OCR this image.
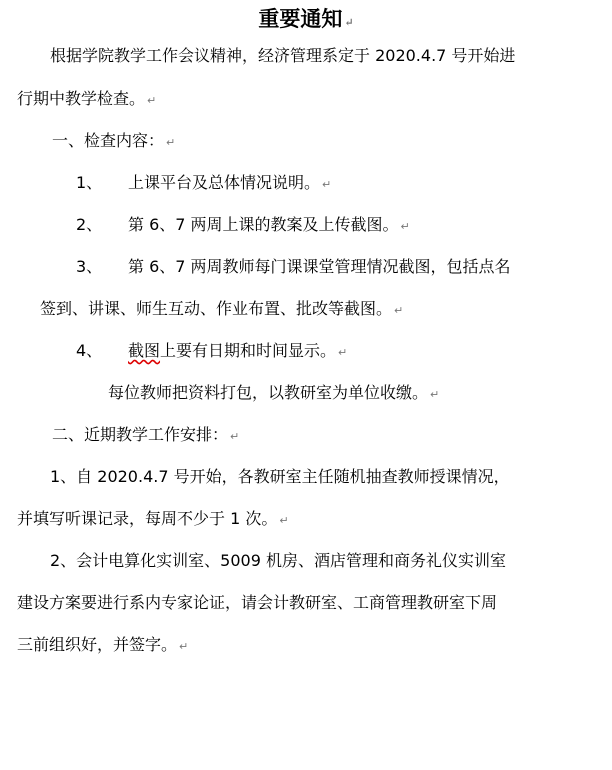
重要通知 ↵
根据学院教学工作会议精神，经济管理系定于 2020.4.7 号开始进
行期中教学检查。 ↵
一、检查内容： ↵
1、 上课平台及总体情况说明。 ↵
2、 第 6、7 两周上课的教案及上传截图。 ↵
3、 第 6、7 两周教师每门课课堂管理情况截图，包括点名
签到、讲课、师生互动、作业布置、批改等截图。 ↵
4、 截图上要有日期和时间显示。 ↵
每位教师把资料打包，以教研室为单位收缴。 ↵
二、近期教学工作安排： ↵
1、自 2020.4.7 号开始，各教研室主任随机抽查教师授课情况，
并填写听课记录，每周不少于 1 次。 ↵
2、会计电算化实训室、5009 机房、酒店管理和商务礼仪实训室
建设方案要进行系内专家论证，请会计教研室、工商管理教研室下周
三前组织好，并签字。 ↵
